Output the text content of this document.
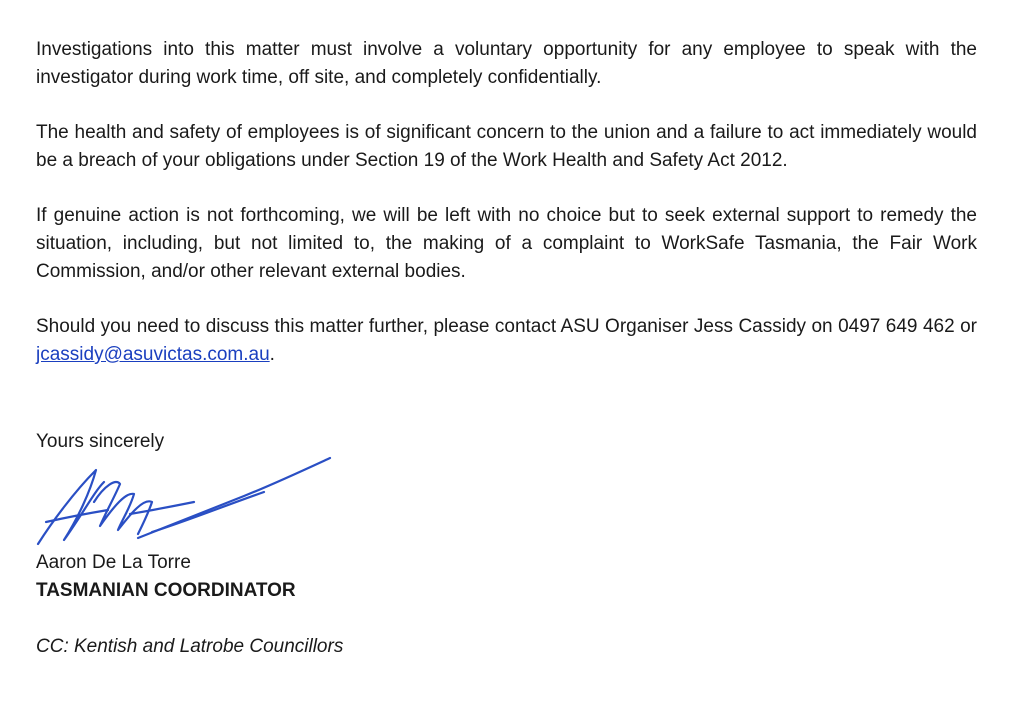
Investigations into this matter must involve a voluntary opportunity for any employee to speak with the investigator during work time, off site, and completely confidentially.

The health and safety of employees is of significant concern to the union and a failure to act immediately would be a breach of your obligations under Section 19 of the Work Health and Safety Act 2012.

If genuine action is not forthcoming, we will be left with no choice but to seek external support to remedy the situation, including, but not limited to, the making of a complaint to WorkSafe Tasmania, the Fair Work Commission, and/or other relevant external bodies.

Should you need to discuss this matter further, please contact ASU Organiser Jess Cassidy on 0497 649 462 or jcassidy@asuvictas.com.au.

Yours sincerely
Aaron De La Torre
TASMANIAN COORDINATOR
CC: Kentish and Latrobe Councillors
